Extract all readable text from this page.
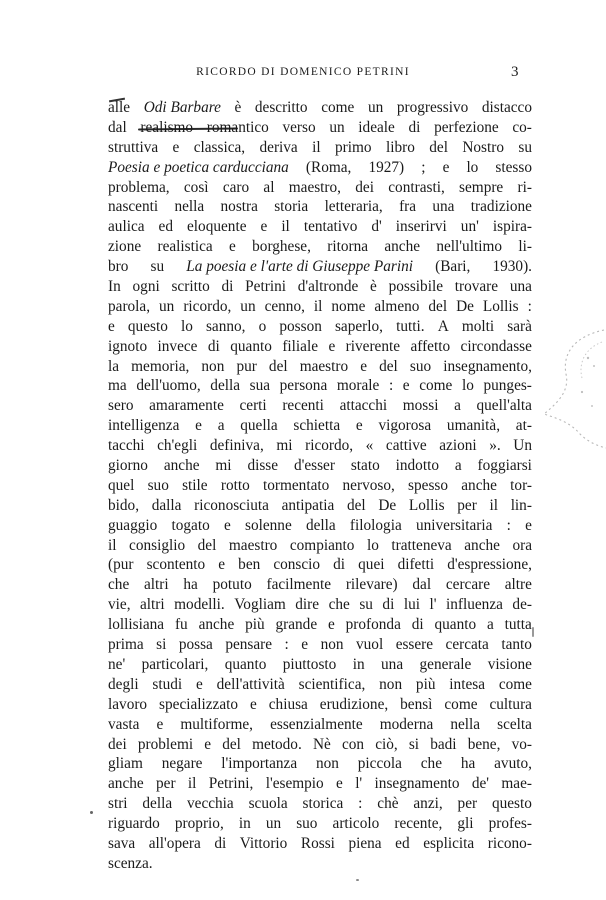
RICORDO DI DOMENICO PETRINI	3
alle Odi Barbare è descritto come un progressivo distacco
dal realismo romantico verso un ideale di perfezione co-
struttiva e classica, deriva il primo libro del Nostro su
Poesia e poetica carducciana (Roma, 1927) ; e lo stesso
problema, così caro al maestro, dei contrasti, sempre ri-
nascenti nella nostra storia letteraria, fra una tradizione
aulica ed eloquente e il tentativo d' inserirvi un' ispira-
zione realistica e borghese, ritorna anche nell'ultimo li-
bro su La poesia e l'arte di Giuseppe Parini (Bari, 1930).
In ogni scritto di Petrini d'altronde è possibile trovare una
parola, un ricordo, un cenno, il nome almeno del De Lollis :
e questo lo sanno, o posson saperlo, tutti. A molti sarà
ignoto invece di quanto filiale e riverente affetto circondasse
la memoria, non pur del maestro e del suo insegnamento,
ma dell'uomo, della sua persona morale : e come lo punges-
sero amaramente certi recenti attacchi mossi a quell'alta
intelligenza e a quella schietta e vigorosa umanità, at-
tacchi ch'egli definiva, mi ricordo, « cattive azioni ». Un
giorno anche mi disse d'esser stato indotto a foggiarsi
quel suo stile rotto tormentato nervoso, spesso anche tor-
bido, dalla riconosciuta antipatia del De Lollis per il lin-
guaggio togato e solenne della filologia universitaria : e
il consiglio del maestro compianto lo tratteneva anche ora
(pur scontento e ben conscio di quei difetti d'espressione,
che altri ha potuto facilmente rilevare) dal cercare altre
vie, altri modelli. Vogliam dire che su di lui l' influenza de-
lollisiana fu anche più grande e profonda di quanto a tutta
prima si possa pensare : e non vuol essere cercata tanto
ne' particolari, quanto piuttosto in una generale visione
degli studi e dell'attività scientifica, non più intesa come
lavoro specializzato e chiusa erudizione, bensì come cultura
vasta e multiforme, essenzialmente moderna nella scelta
dei problemi e del metodo. Nè con ciò, si badi bene, vo-
gliam negare l'importanza non piccola che ha avuto,
anche per il Petrini, l'esempio e l' insegnamento de' mae-
stri della vecchia scuola storica : chè anzi, per questo
riguardo proprio, in un suo articolo recente, gli profes-
sava all'opera di Vittorio Rossi piena ed esplicita ricono-
scenza.
